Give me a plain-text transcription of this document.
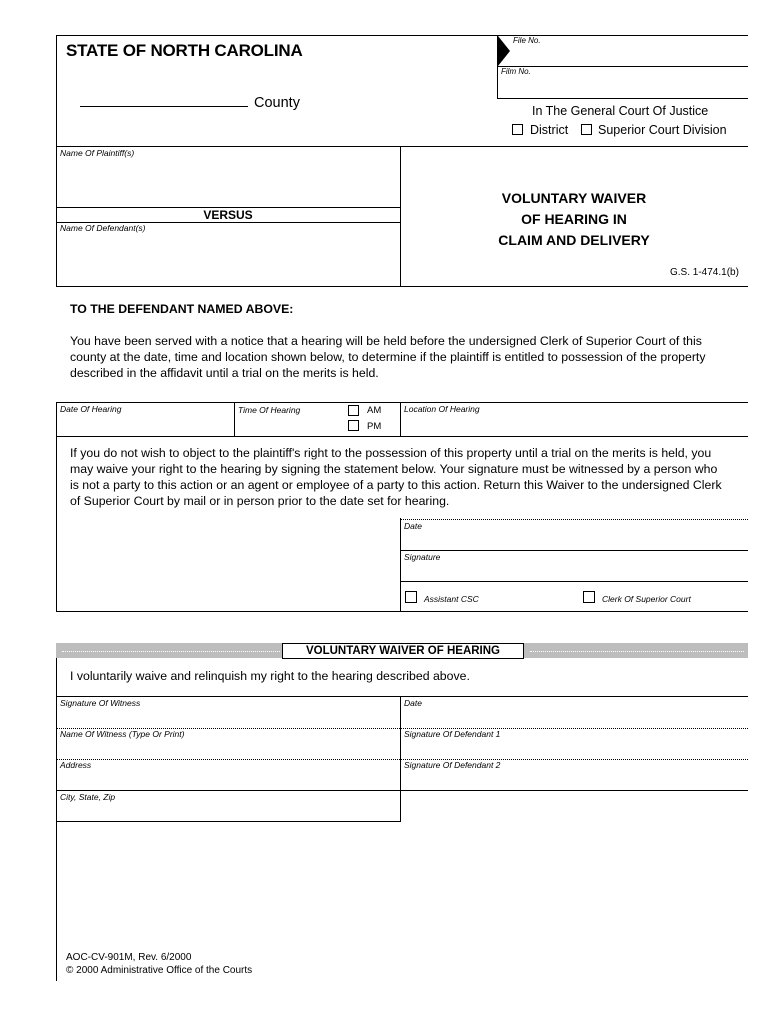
STATE OF NORTH CAROLINA
County
File No.
Film No.
In The General Court Of Justice
District Superior Court Division
Name Of Plaintiff(s)
VERSUS
Name Of Defendant(s)
VOLUNTARY WAIVER
OF HEARING IN
CLAIM AND DELIVERY
G.S. 1-474.1(b)
TO THE DEFENDANT NAMED ABOVE:
You have been served with a notice that a hearing will be held before the undersigned Clerk of Superior Court of this
county at the date, time and location shown below, to determine if the plaintiff is entitled to possession of the property
described in the affidavit until a trial on the merits is held.
Date Of Hearing	Time Of Hearing	AM
PM
Location Of Hearing
If you do not wish to object to the plaintiff's right to the possession of this property until a trial on the merits is held, you
may waive your right to the hearing by signing the statement below. Your signature must be witnessed by a person who
is not a party to this action or an agent or employee of a party to this action. Return this Waiver to the undersigned Clerk
of Superior Court by mail or in person prior to the date set for hearing.
Date
Signature
Assistant CSC	Clerk Of Superior Court
VOLUNTARY WAIVER OF HEARING
I voluntarily waive and relinquish my right to the hearing described above.
Signature Of Witness	Date
Name Of Witness (Type Or Print)	Signature Of Defendant 1
Address	Signature Of Defendant 2
City, State, Zip
AOC-CV-901M, Rev. 6/2000
© 2000 Administrative Office of the Courts
